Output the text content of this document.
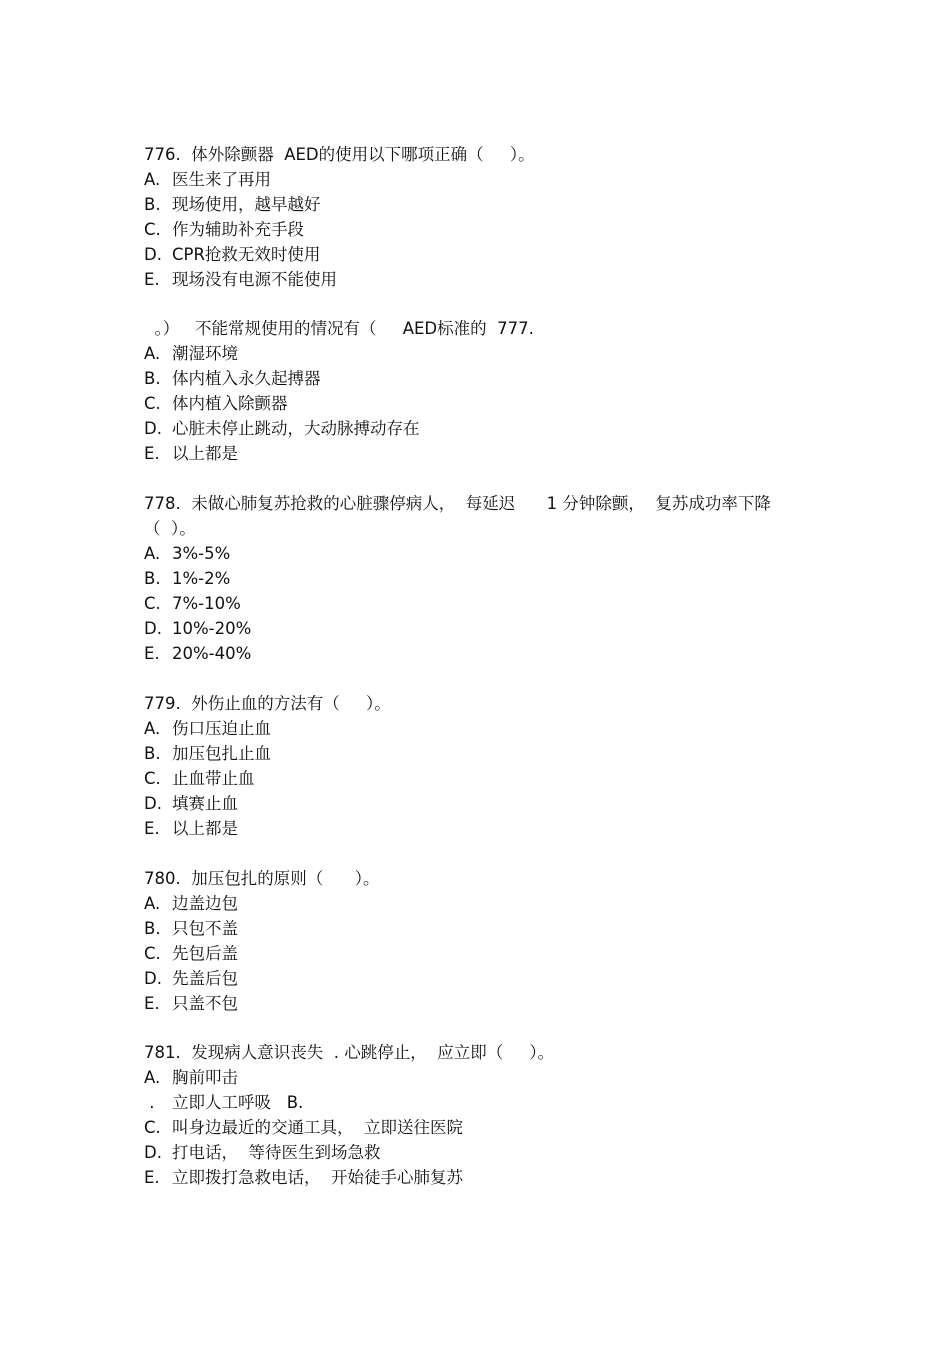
776.  体外除颤器  AED的使用以下哪项正确（     ）。
A. 医生来了再用
B. 现场使用，越早越好
C. 作为辅助补充手段
D. CPR抢救无效时使用
E. 现场没有电源不能使用
。）   不能常规使用的情况有（     AED标准的  777.
A. 潮湿环境
B. 体内植入永久起搏器
C. 体内植入除颤器
D. 心脏未停止跳动，大动脉搏动存在
E. 以上都是
778.  未做心肺复苏抢救的心脏骤停病人，  每延迟      1 分钟除颤，  复苏成功率下降
（  ）。
A. 3%-5%
B. 1%-2%
C. 7%-10%
D. 10%-20%
E. 20%-40%
779.  外伤止血的方法有（     ）。
A. 伤口压迫止血
B. 加压包扎止血
C. 止血带止血
D. 填赛止血
E. 以上都是
780.  加压包扎的原则（      ）。
A. 边盖边包
B. 只包不盖
C. 先包后盖
D. 先盖后包
E. 只盖不包
781.  发现病人意识丧失  . 心跳停止，  应立即（     ）。
A. 胸前叩击
.	立即人工呼吸   B.
C. 叫身边最近的交通工具，  立即送往医院
D. 打电话，  等待医生到场急救
E. 立即拨打急救电话，  开始徒手心肺复苏
